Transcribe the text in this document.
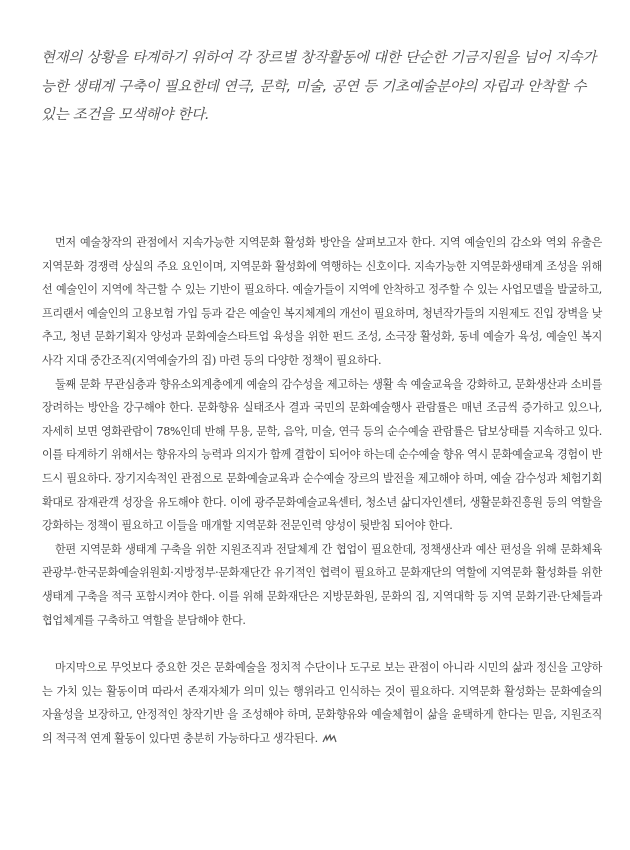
현재의 상황을 타계하기 위하여 각 장르별 창작활동에 대한 단순한 기금지원을 넘어 지속가능한 생태계 구축이 필요한데 연극, 문학, 미술, 공연 등 기초예술분야의 자립과 안착할 수 있는 조건을 모색해야 한다.

먼저 예술창작의 관점에서 지속가능한 지역문화 활성화 방안을 살펴보고자 한다. 지역 예술인의 감소와 역외 유출은 지역문화 경쟁력 상실의 주요 요인이며, 지역문화 활성화에 역행하는 신호이다. 지속가능한 지역문화생태계 조성을 위해선 예술인이 지역에 착근할 수 있는 기반이 필요하다. 예술가들이 지역에 안착하고 정주할 수 있는 사업모델을 발굴하고, 프리랜서 예술인의 고용보험 가입 등과 같은 예술인 복지체계의 개선이 필요하며, 청년작가들의 지원제도 진입 장벽을 낮추고, 청년 문화기획자 양성과 문화예술스타트업 육성을 위한 펀드 조성, 소극장 활성화, 동네 예술가 육성, 예술인 복지사각 지대 중간조직(지역예술가의 집) 마련 등의 다양한 정책이 필요하다.

둘째 문화 무관심층과 향유소외계층에게 예술의 감수성을 제고하는 생활 속 예술교육을 강화하고, 문화생산과 소비를 장려하는 방안을 강구해야 한다. 문화향유 실태조사 결과 국민의 문화예술행사 관람률은 매년 조금씩 증가하고 있으나, 자세히 보면 영화관람이 78%인데 반해 무용, 문학, 음악, 미술, 연극 등의 순수예술 관람률은 답보상태를 지속하고 있다. 이를 타계하기 위해서는 향유자의 능력과 의지가 함께 결합이 되어야 하는데 순수예술 향유 역시 문화예술교육 경험이 반드시 필요하다. 장기지속적인 관점으로 문화예술교육과 순수예술 장르의 발전을 제고해야 하며, 예술 감수성과 체험기회 확대로 잠재관객 성장을 유도해야 한다. 이에 광주문화예술교육센터, 청소년 삶디자인센터, 생활문화진흥원 등의 역할을 강화하는 정책이 필요하고 이들을 매개할 지역문화 전문인력 양성이 뒷받침 되어야 한다.

한편 지역문화 생태계 구축을 위한 지원조직과 전달체계 간 협업이 필요한데, 정책생산과 예산 편성을 위해 문화체육관광부·한국문화예술위원회·지방정부·문화재단간 유기적인 협력이 필요하고 문화재단의 역할에 지역문화 활성화를 위한 생태계 구축을 적극 포함시켜야 한다. 이를 위해 문화재단은 지방문화원, 문화의 집, 지역대학 등 지역 문화기관·단체들과 협업체계를 구축하고 역할을 분담해야 한다.

마지막으로 무엇보다 중요한 것은 문화예술을 정치적 수단이나 도구로 보는 관점이 아니라 시민의 삶과 정신을 고양하는 가치 있는 활동이며 따라서 존재자체가 의미 있는 행위라고 인식하는 것이 필요하다. 지역문화 활성화는 문화예술의 자율성을 보장하고, 안정적인 창작기반 을 조성해야 하며, 문화향유와 예술체험이 삶을 윤택하게 한다는 믿음, 지원조직의 적극적 연계 활동이 있다면 충분히 가능하다고 생각된다.
